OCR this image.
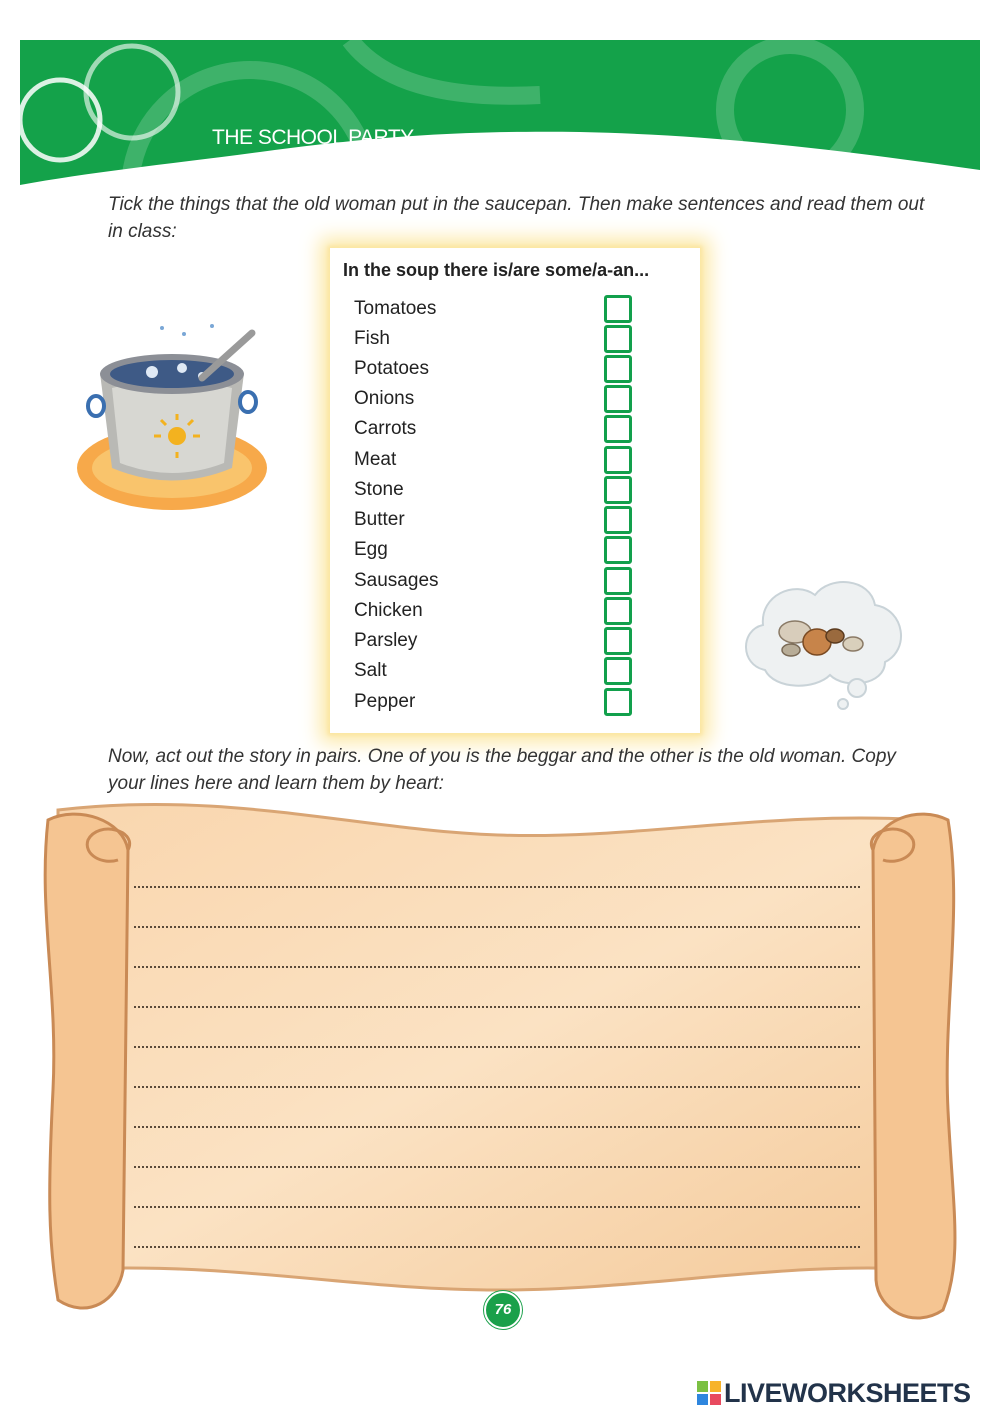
THE SCHOOL PARTY
Tick the things that the old woman put in the saucepan. Then make sentences and read them out in class:
In the soup there is/are some/a-an...
Tomatoes
Fish
Potatoes
Onions
Carrots
Meat
Stone
Butter
Egg
Sausages
Chicken
Parsley
Salt
Pepper
Now, act out the story in pairs. One of you is the beggar and the other is the old woman. Copy your lines here and learn them by heart:
76
LIVEWORKSHEETS
